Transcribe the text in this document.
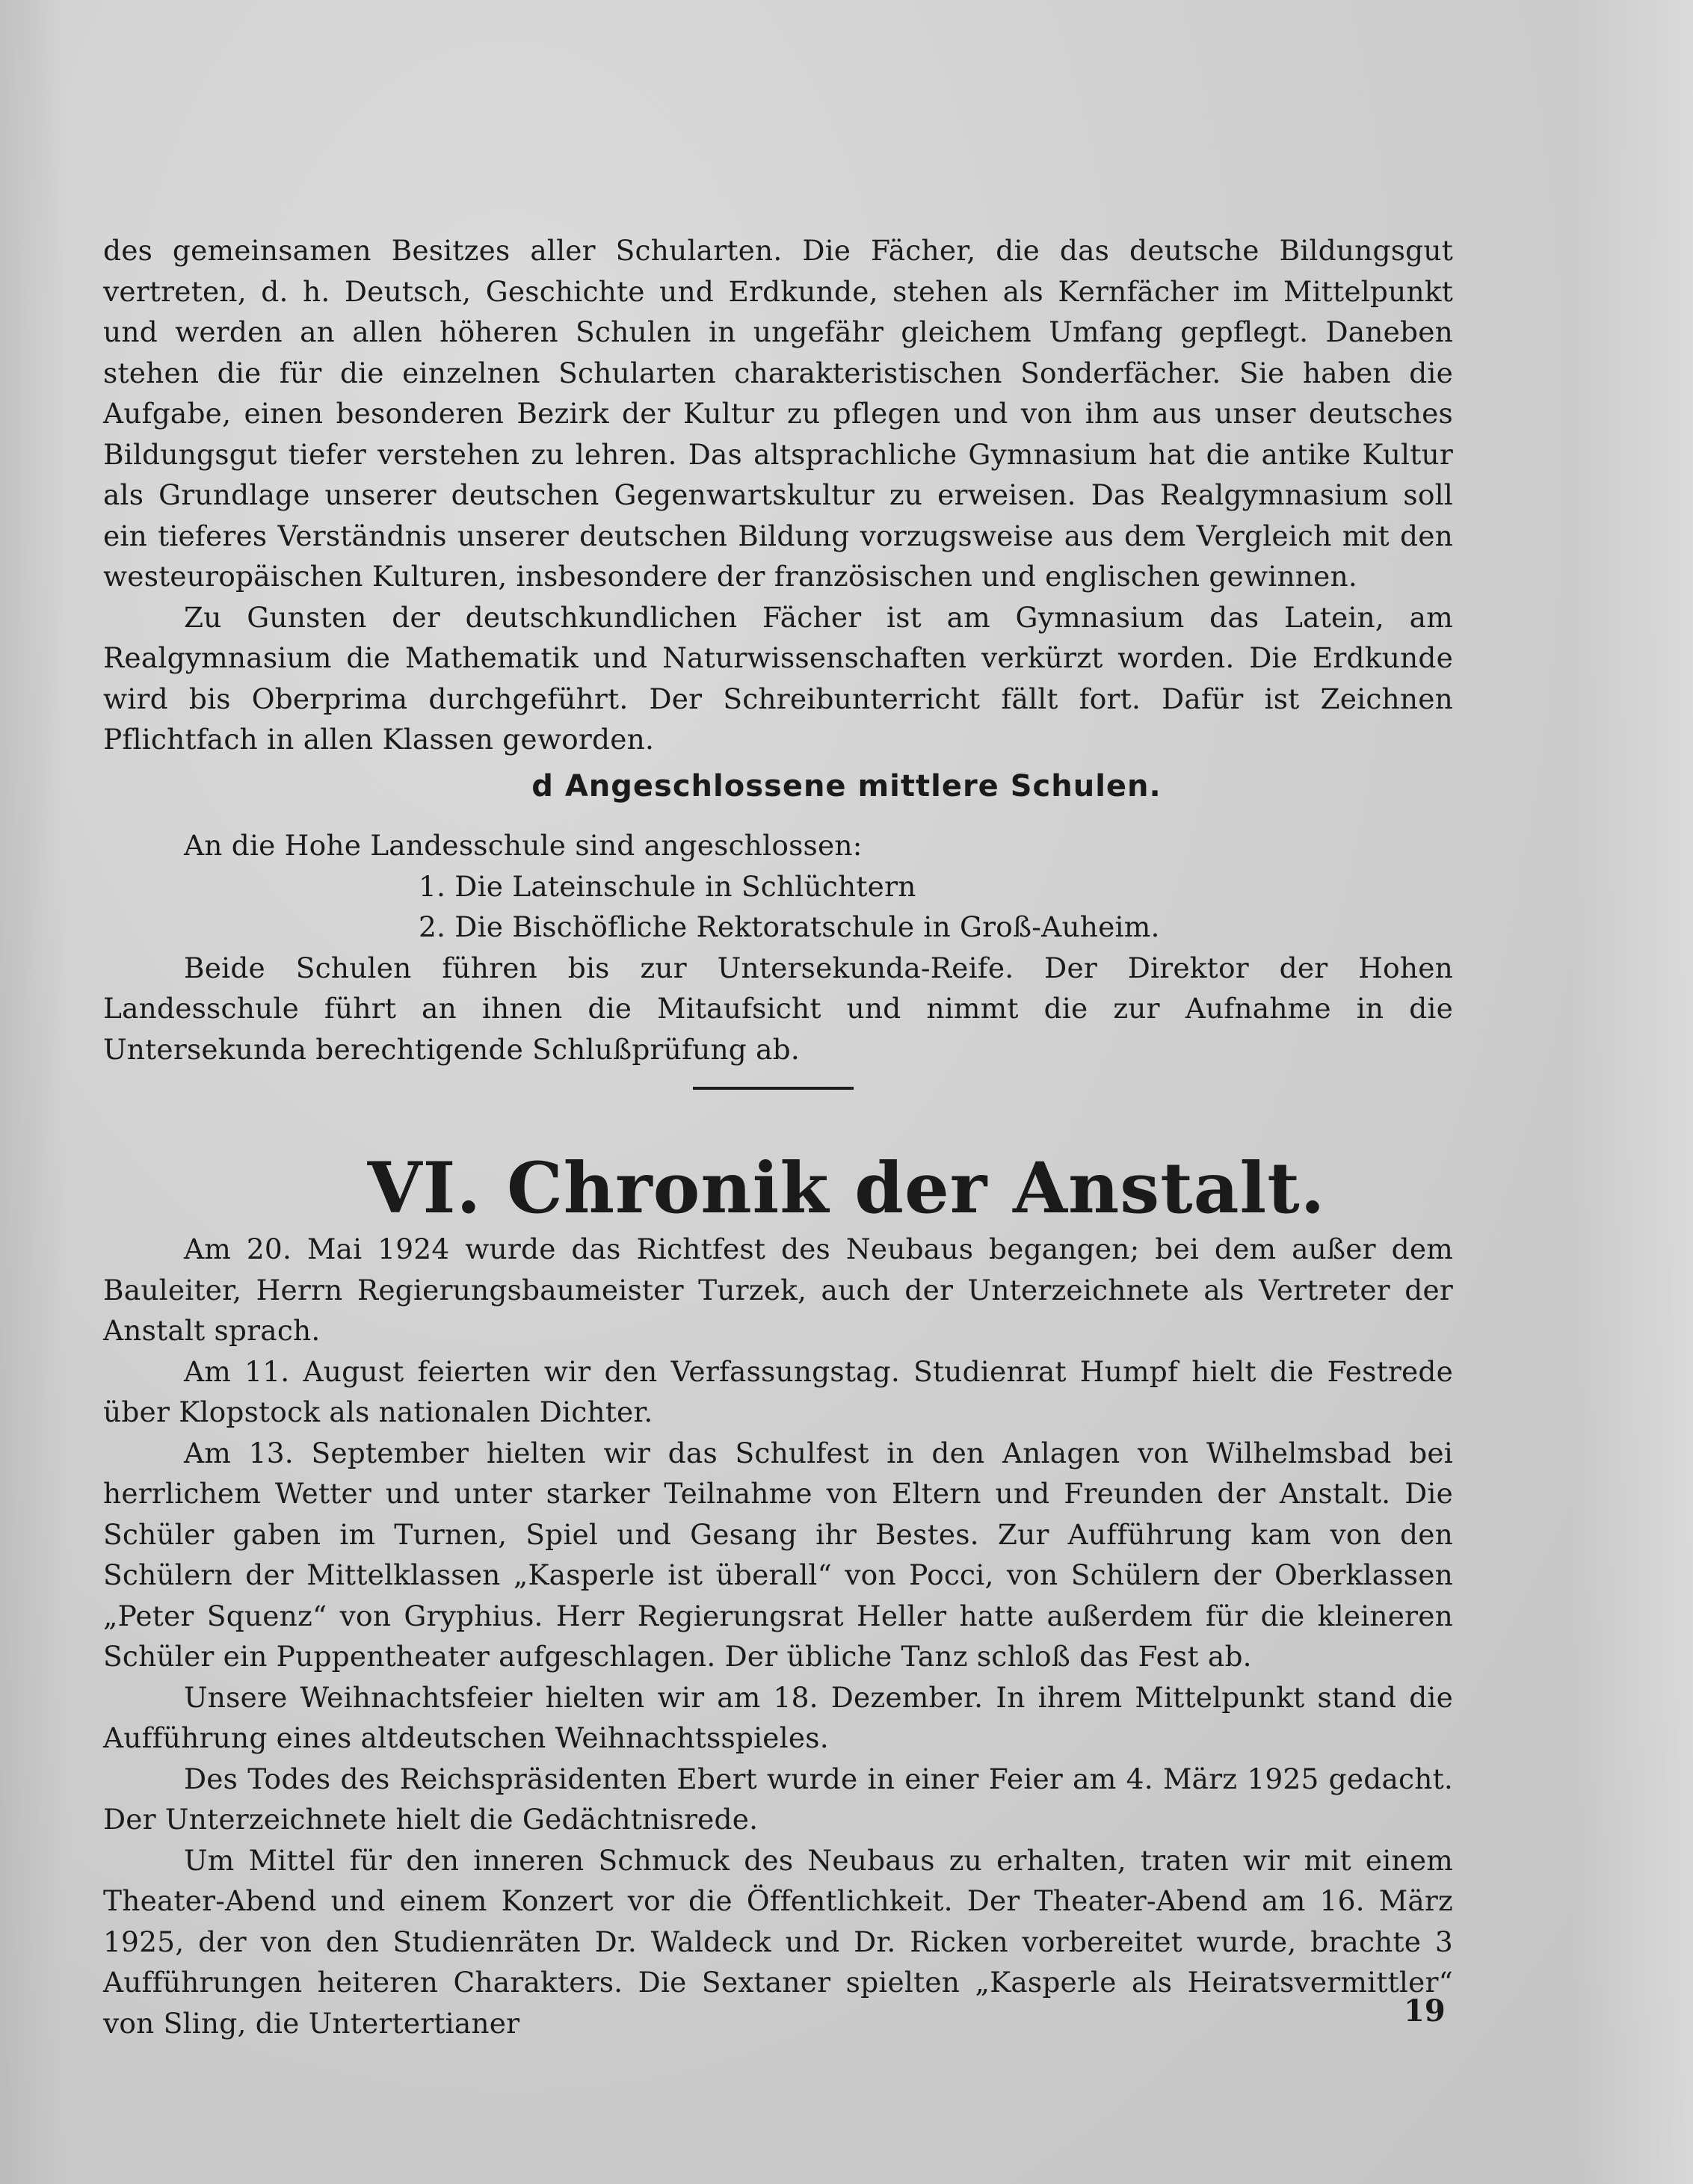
des gemeinsamen Besitzes aller Schularten. Die Fächer, die das deutsche Bildungsgut vertreten, d. h. Deutsch, Geschichte und Erdkunde, stehen als Kernfächer im Mittelpunkt und werden an allen höheren Schulen in ungefähr gleichem Umfang gepflegt. Daneben stehen die für die einzelnen Schularten charakteristischen Sonderfächer. Sie haben die Aufgabe, einen besonderen Bezirk der Kultur zu pflegen und von ihm aus unser deutsches Bildungsgut tiefer verstehen zu lehren. Das altsprachliche Gymnasium hat die antike Kultur als Grundlage unserer deutschen Gegenwartskultur zu erweisen. Das Realgymnasium soll ein tieferes Verständnis unserer deutschen Bildung vorzugsweise aus dem Vergleich mit den westeuropäischen Kulturen, insbesondere der französischen und englischen gewinnen.

Zu Gunsten der deutschkundlichen Fächer ist am Gymnasium das Latein, am Realgymnasium die Mathematik und Naturwissenschaften verkürzt worden. Die Erdkunde wird bis Oberprima durchgeführt. Der Schreibunterricht fällt fort. Dafür ist Zeichnen Pflichtfach in allen Klassen geworden.

d Angeschlossene mittlere Schulen.

An die Hohe Landesschule sind angeschlossen:

1. Die Lateinschule in Schlüchtern

2. Die Bischöfliche Rektoratschule in Groß-Auheim.

Beide Schulen führen bis zur Untersekunda-Reife. Der Direktor der Hohen Landesschule führt an ihnen die Mitaufsicht und nimmt die zur Aufnahme in die Untersekunda berechtigende Schlußprüfung ab.

VI. Chronik der Anstalt.

Am 20. Mai 1924 wurde das Richtfest des Neubaus begangen; bei dem außer dem Bauleiter, Herrn Regierungsbaumeister Turzek, auch der Unterzeichnete als Vertreter der Anstalt sprach.

Am 11. August feierten wir den Verfassungstag. Studienrat Humpf hielt die Festrede über Klopstock als nationalen Dichter.

Am 13. September hielten wir das Schulfest in den Anlagen von Wilhelmsbad bei herrlichem Wetter und unter starker Teilnahme von Eltern und Freunden der Anstalt. Die Schüler gaben im Turnen, Spiel und Gesang ihr Bestes. Zur Aufführung kam von den Schülern der Mittelklassen „Kasperle ist überall“ von Pocci, von Schülern der Oberklassen „Peter Squenz“ von Gryphius. Herr Regierungsrat Heller hatte außerdem für die kleineren Schüler ein Puppentheater aufgeschlagen. Der übliche Tanz schloß das Fest ab.

Unsere Weihnachtsfeier hielten wir am 18. Dezember. In ihrem Mittelpunkt stand die Aufführung eines altdeutschen Weihnachtsspieles.

Des Todes des Reichspräsidenten Ebert wurde in einer Feier am 4. März 1925 gedacht. Der Unterzeichnete hielt die Gedächtnisrede.

Um Mittel für den inneren Schmuck des Neubaus zu erhalten, traten wir mit einem Theater-Abend und einem Konzert vor die Öffentlichkeit. Der Theater-Abend am 16. März 1925, der von den Studienräten Dr. Waldeck und Dr. Ricken vorbereitet wurde, brachte 3 Aufführungen heiteren Charakters. Die Sextaner spielten „Kasperle als Heiratsvermittler“ von Sling, die Untertertianer	19
